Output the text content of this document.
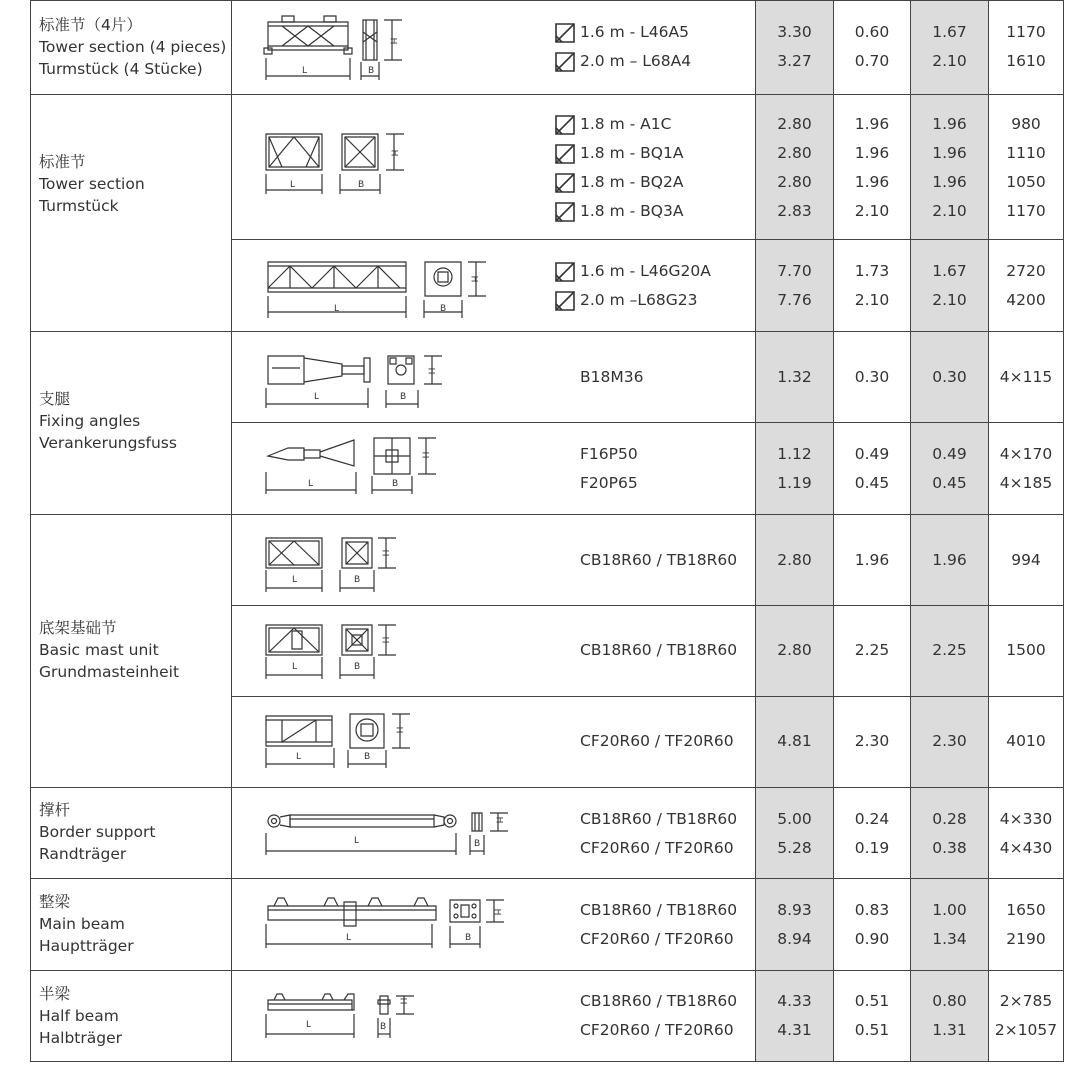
标准节（4片）
Tower section (4 pieces)
Turmstück (4 Stücke)	L	B
H	1.6 m - L46A5	3.30	0.60	1.67	1170
2.0 m – L68A4	3.27	0.70	2.10	1610
标准节
Tower section
Turmstück
L	B
H
1.8 m - A1C	2.80	1.96	1.96	980
1.8 m - BQ1A	2.80	1.96	1.96	1110
1.8 m - BQ2A	2.80	1.96	1.96	1050
1.8 m - BQ3A	2.83	2.10	2.10	1170
L	B
H	1.6 m - L46G20A	7.70	1.73	1.67	2720
2.0 m –L68G23	7.76	2.10	2.10	4200
支腿
Fixing angles
Verankerungsfuss
L	B
H	B18M36	1.32	0.30	0.30	4×115
L	B
H	F16P50	1.12	0.49	0.49	4×170
F20P65	1.19	0.45	0.45	4×185
底架基础节
Basic mast unit
Grundmasteinheit
L	B
H	CB18R60 / TB18R60	2.80	1.96	1.96	994
L	B
H
CB18R60 / TB18R60	2.80	2.25	2.25	1500
L	B
H
CF20R60 / TF20R60	4.81	2.30	2.30	4010
撑杆
Border support
Randträger
L	B
H	CB18R60 / TB18R60	5.00	0.24	0.28	4×330
CF20R60 / TF20R60	5.28	0.19	0.38	4×430
整梁
Main beam
Hauptträger	L	B
H	CB18R60 / TB18R60	8.93	0.83	1.00	1650
CF20R60 / TF20R60	8.94	0.90	1.34	2190
半梁
Half beam
Halbträger
L	B
H	CB18R60 / TB18R60	4.33	0.51	0.80	2×785
CF20R60 / TF20R60	4.31	0.51	1.31	2×1057
